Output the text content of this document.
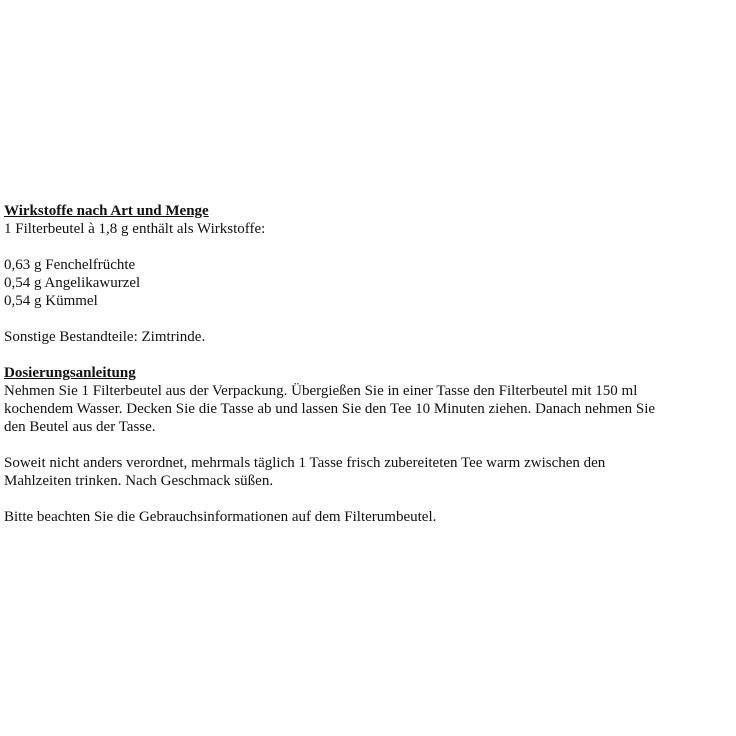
Wirkstoffe nach Art und Menge
1 Filterbeutel à 1,8 g enthält als Wirkstoffe:
0,63 g Fenchelfrüchte
0,54 g Angelikawurzel
0,54 g Kümmel
Sonstige Bestandteile: Zimtrinde.
Dosierungsanleitung
Nehmen Sie 1 Filterbeutel aus der Verpackung. Übergießen Sie in einer Tasse den Filterbeutel mit 150 ml
kochendem Wasser. Decken Sie die Tasse ab und lassen Sie den Tee 10 Minuten ziehen. Danach nehmen Sie
den Beutel aus der Tasse.
Soweit nicht anders verordnet, mehrmals täglich 1 Tasse frisch zubereiteten Tee warm zwischen den
Mahlzeiten trinken. Nach Geschmack süßen.
Bitte beachten Sie die Gebrauchsinformationen auf dem Filterumbeutel.
